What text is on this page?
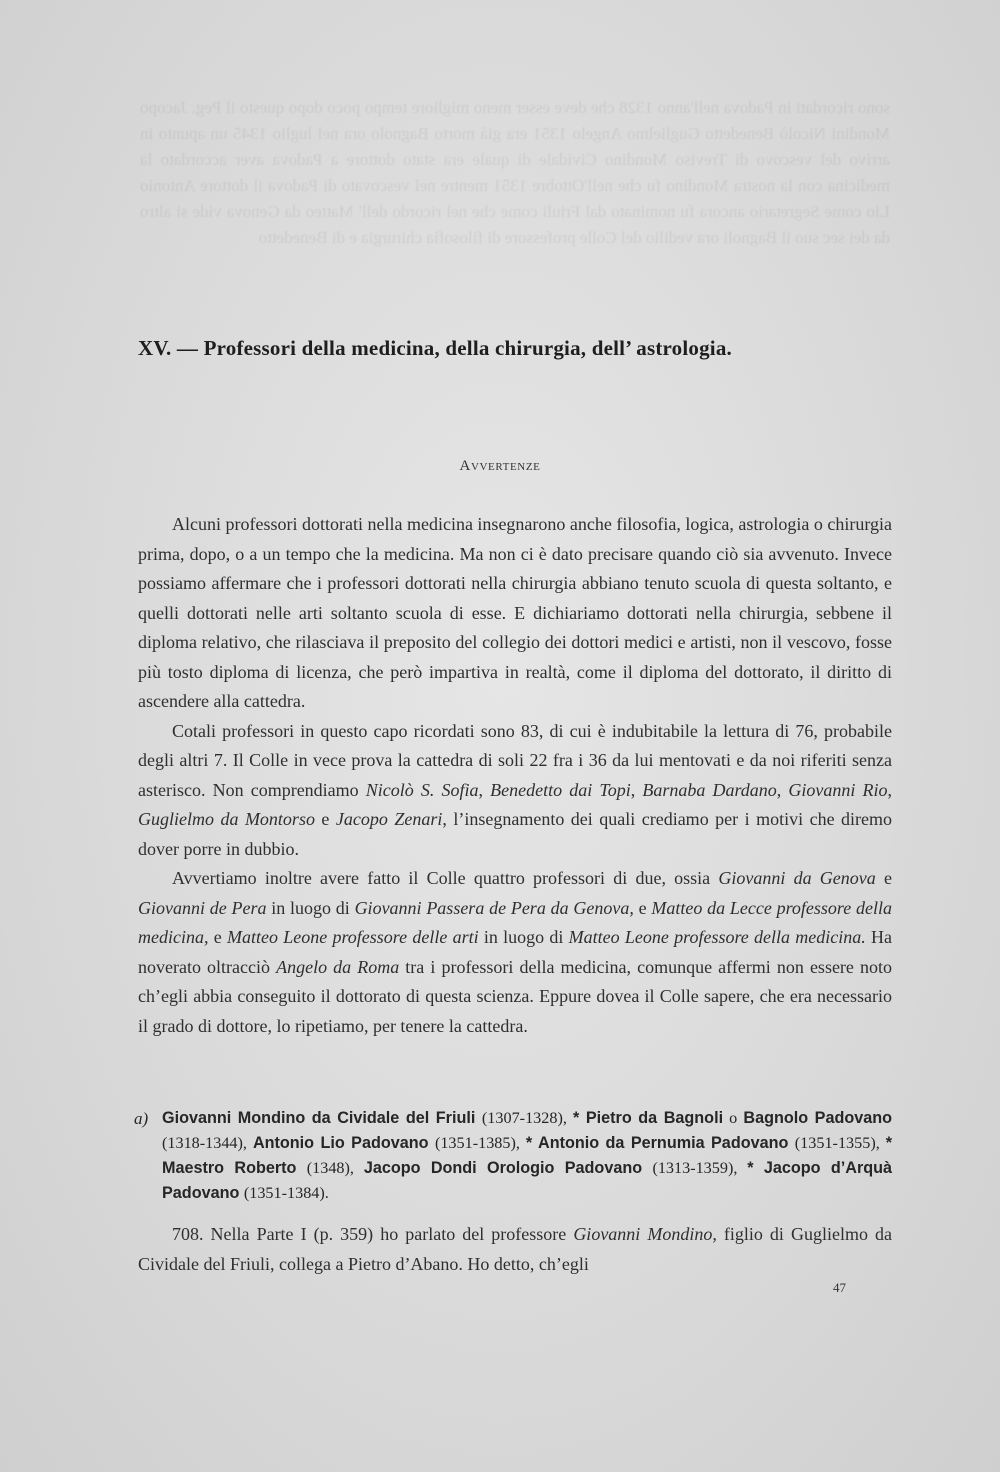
sono ricordati in Padova nell'anno 1328 che deve esser meno migliore tempo poco dopo questo il Peg. Jacopo Mondini Nicolò Benedetto Guglielmo Angelo 1351 era già morto Bagnolo ora nel luglio 1345 un apunto in arrivo del vescovo di Treviso Mondino Cividale di quale era stato dottore a Padova aver accordato la medicina con la nostra Mondino fu che nell'Ottobre 1351 mentre nel vescovato di Padova il dottore Antonio Lio come Segretario ancora fu nominato dal Friuli come che nel ricordo dell' Matteo da Genova vide si altro da dei sec suo il Bagnoli ora vedilio del Colle professore di filosofia chirurgia e di Benedetto
XV. — Professori della medicina, della chirurgia, dell’ astrologia.
Avvertenze

Alcuni professori dottorati nella medicina insegnarono anche filosofia, logica, astrologia o chirurgia prima, dopo, o a un tempo che la medicina. Ma non ci è dato precisare quando ciò sia avvenuto. Invece possiamo affermare che i professori dottorati nella chirurgia abbiano tenuto scuola di questa soltanto, e quelli dottorati nelle arti soltanto scuola di esse. E dichiariamo dottorati nella chirurgia, sebbene il diploma relativo, che rilasciava il preposito del collegio dei dottori medici e artisti, non il vescovo, fosse più tosto diploma di licenza, che però impartiva in realtà, come il diploma del dottorato, il diritto di ascendere alla cattedra.

Cotali professori in questo capo ricordati sono 83, di cui è indubitabile la lettura di 76, probabile degli altri 7. Il Colle in vece prova la cattedra di soli 22 fra i 36 da lui mentovati e da noi riferiti senza asterisco. Non comprendiamo Nicolò S. Sofia, Benedetto dai Topi, Barnaba Dardano, Giovanni Rio, Guglielmo da Montorso e Jacopo Zenari, l’insegnamento dei quali crediamo per i motivi che diremo dover porre in dubbio.

Avvertiamo inoltre avere fatto il Colle quattro professori di due, ossia Giovanni da Genova e Giovanni de Pera in luogo di Giovanni Passera de Pera da Genova, e Matteo da Lecce professore della medicina, e Matteo Leone professore delle arti in luogo di Matteo Leone professore della medicina. Ha noverato oltracciò Angelo da Roma tra i professori della medicina, comunque affermi non essere noto ch’egli abbia conseguito il dottorato di questa scienza. Eppure dovea il Colle sapere, che era necessario il grado di dottore, lo ripetiamo, per tenere la cattedra.

a) Giovanni Mondino da Cividale del Friuli (1307-1328), * Pietro da Bagnoli o Bagnolo Padovano (1318-1344), Antonio Lio Padovano (1351-1385), * Antonio da Pernumia Padovano (1351-1355), * Maestro Roberto (1348), Jacopo Dondi Orologio Padovano (1313-1359), * Jacopo d’Arquà Padovano (1351-1384).

708. Nella Parte I (p. 359) ho parlato del professore Giovanni Mondino, figlio di Guglielmo da Cividale del Friuli, collega a Pietro d’Abano. Ho detto, ch’egli

47
